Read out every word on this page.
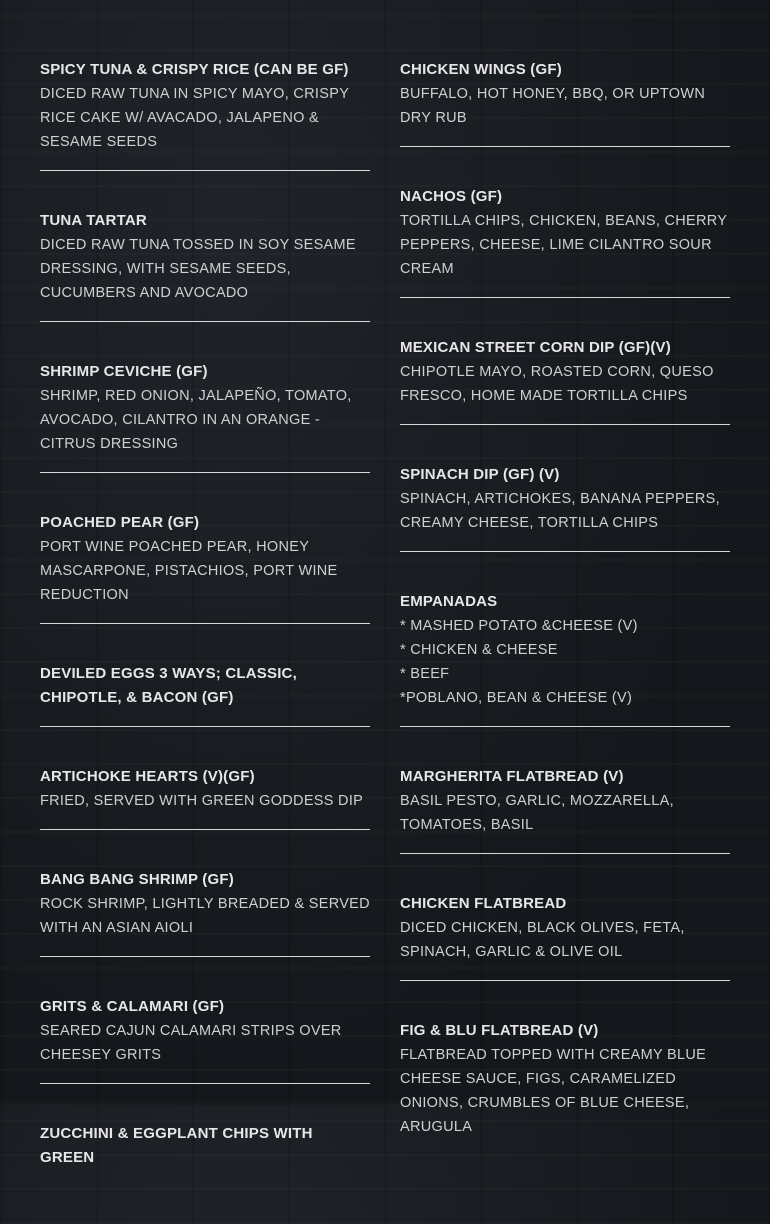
SPICY TUNA & CRISPY RICE (CAN BE GF)
DICED RAW TUNA IN SPICY MAYO, CRISPY RICE CAKE W/ AVACADO, JALAPENO & SESAME SEEDS
TUNA TARTAR
DICED RAW TUNA TOSSED IN SOY SESAME DRESSING, WITH SESAME SEEDS, CUCUMBERS AND AVOCADO
SHRIMP CEVICHE (GF)
SHRIMP, RED ONION, JALAPEÑO, TOMATO, AVOCADO, CILANTRO IN AN ORANGE -CITRUS DRESSING
POACHED PEAR (GF)
PORT WINE POACHED PEAR, HONEY MASCARPONE, PISTACHIOS, PORT WINE REDUCTION
DEVILED EGGS 3 WAYS; CLASSIC, CHIPOTLE, & BACON (GF)
ARTICHOKE HEARTS (V)(GF)
FRIED, SERVED WITH GREEN GODDESS DIP
BANG BANG SHRIMP (GF)
ROCK SHRIMP, LIGHTLY BREADED & SERVED WITH AN ASIAN AIOLI
GRITS & CALAMARI (GF)
SEARED CAJUN CALAMARI STRIPS OVER CHEESEY GRITS
ZUCCHINI & EGGPLANT CHIPS WITH GREEN
CHICKEN WINGS (GF)
BUFFALO, HOT HONEY, BBQ, OR UPTOWN DRY RUB
NACHOS (GF)
TORTILLA CHIPS, CHICKEN, BEANS, CHERRY PEPPERS, CHEESE, LIME CILANTRO SOUR CREAM
MEXICAN STREET CORN DIP (GF)(V)
CHIPOTLE MAYO, ROASTED CORN, QUESO FRESCO, HOME MADE TORTILLA CHIPS
SPINACH DIP (GF) (V)
SPINACH, ARTICHOKES, BANANA PEPPERS, CREAMY CHEESE, TORTILLA CHIPS
EMPANADAS
* MASHED POTATO &CHEESE (V)
* CHICKEN & CHEESE
* BEEF
*POBLANO, BEAN & CHEESE (V)
MARGHERITA FLATBREAD (V)
BASIL PESTO, GARLIC, MOZZARELLA, TOMATOES, BASIL
CHICKEN FLATBREAD
DICED CHICKEN, BLACK OLIVES, FETA, SPINACH, GARLIC & OLIVE OIL
FIG & BLU FLATBREAD (V)
FLATBREAD TOPPED WITH CREAMY BLUE CHEESE SAUCE, FIGS, CARAMELIZED ONIONS, CRUMBLES OF BLUE CHEESE, ARUGULA
